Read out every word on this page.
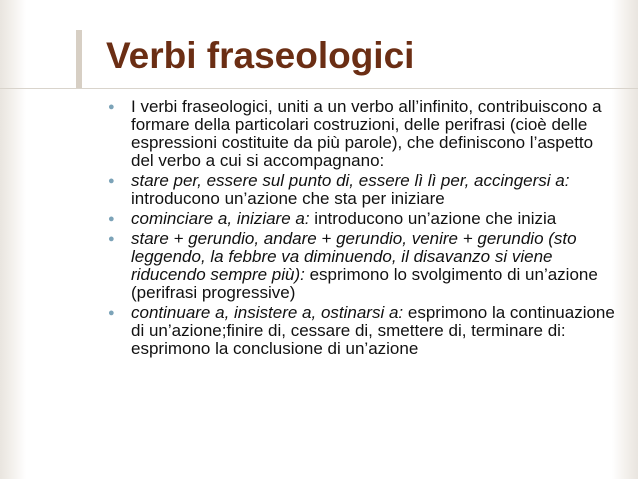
Verbi fraseologici
● I verbi fraseologici, uniti a un verbo all’infinito, contribuiscono a formare della particolari costruzioni, delle perifrasi (cioè delle espressioni costituite da più parole), che definiscono l’aspetto del verbo a cui si accompagnano:
● stare per, essere sul punto di, essere lì lì per, accingersi a: introducono un’azione che sta per iniziare
● cominciare a, iniziare a: introducono un’azione che inizia
● stare + gerundio, andare + gerundio, venire + gerundio (sto leggendo, la febbre va diminuendo, il disavanzo si viene riducendo sempre più): esprimono lo svolgimento di un’azione (perifrasi progressive)
● continuare a, insistere a, ostinarsi a: esprimono la continuazione di un’azione;finire di, cessare di, smettere di, terminare di: esprimono la conclusione di un’azione
